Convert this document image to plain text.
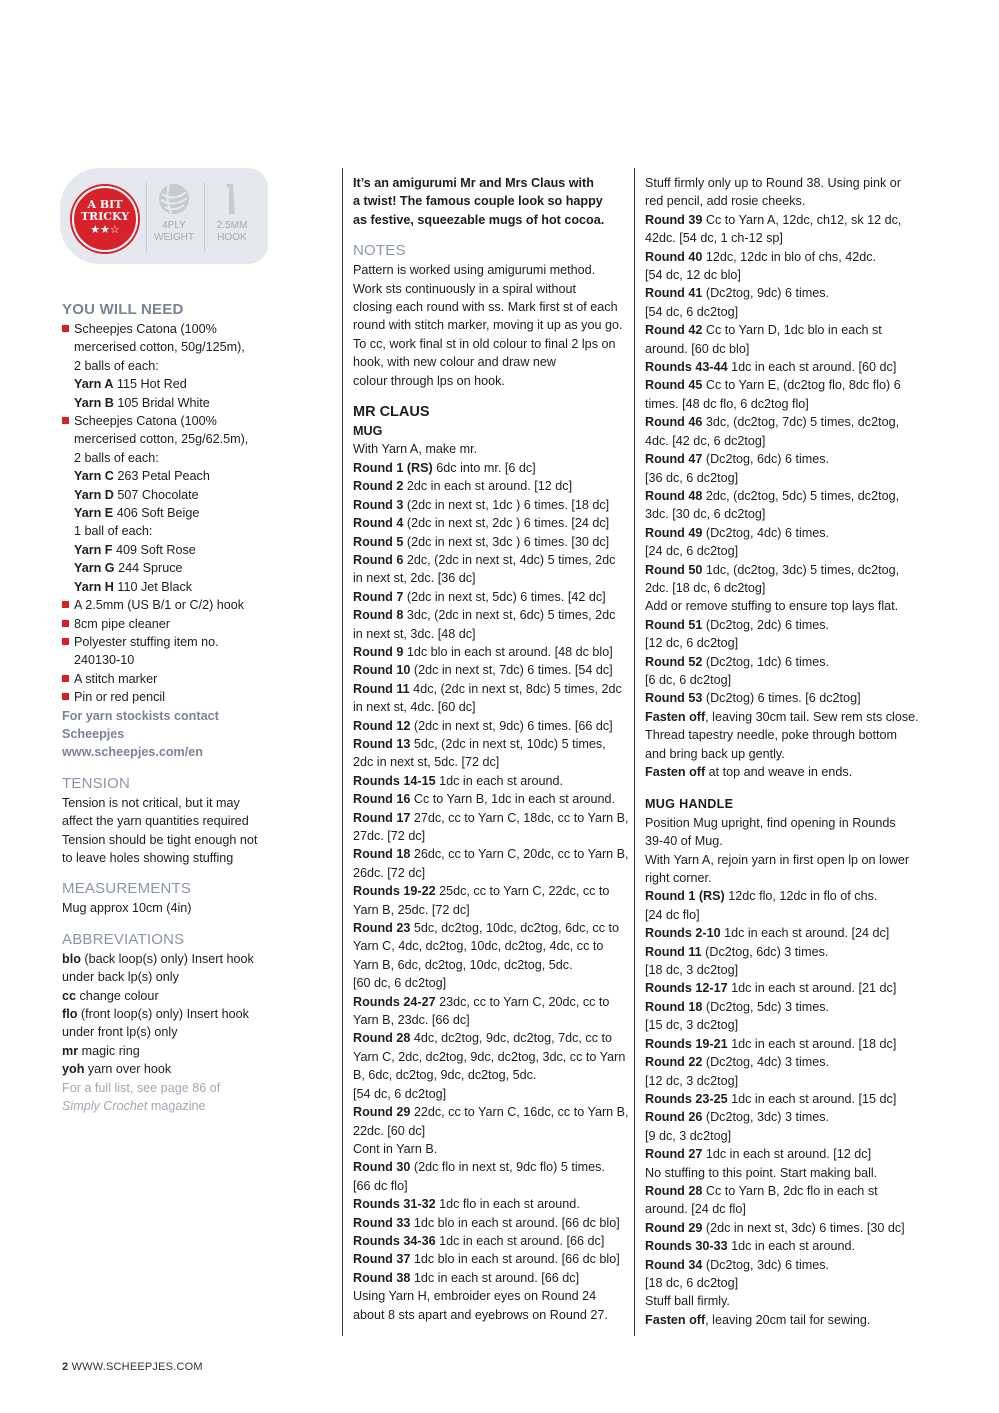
A BIT
TRICKY
★★☆	4PLY
WEIGHT
2.5MM
HOOK
YOU WILL NEED
Scheepjes Catona (100%
mercerised cotton, 50g/125m),
2 balls of each:
Yarn A 115 Hot Red
Yarn B 105 Bridal White
Scheepjes Catona (100%
mercerised cotton, 25g/62.5m),
2 balls of each:
Yarn C 263 Petal Peach
Yarn D 507 Chocolate
Yarn E 406 Soft Beige
1 ball of each:
Yarn F 409 Soft Rose
Yarn G 244 Spruce
Yarn H 110 Jet Black
A 2.5mm (US B/1 or C/2) hook
8cm pipe cleaner
Polyester stuffing item no.
240130-10
A stitch marker
Pin or red pencil
For yarn stockists contact
Scheepjes
www.scheepjes.com/en
TENSION
Tension is not critical, but it may
affect the yarn quantities required
Tension should be tight enough not
to leave holes showing stuffing
MEASUREMENTS
Mug approx 10cm (4in)
ABBREVIATIONS
blo (back loop(s) only) Insert hook
under back lp(s) only
cc change colour
flo (front loop(s) only) Insert hook
under front lp(s) only
mr magic ring
yoh yarn over hook
For a full list, see page 86 of
Simply Crochet magazine
It’s an amigurumi Mr and Mrs Claus with
a twist! The famous couple look so happy
as festive, squeezable mugs of hot cocoa.
NOTES
Pattern is worked using amigurumi method.
Work sts continuously in a spiral without
closing each round with ss. Mark first st of each
round with stitch marker, moving it up as you go.
To cc, work final st in old colour to final 2 lps on
hook, with new colour and draw new
colour through lps on hook.
MR CLAUS
MUG
With Yarn A, make mr.
Round 1 (RS) 6dc into mr. [6 dc]
Round 2 2dc in each st around. [12 dc]
Round 3 (2dc in next st, 1dc ) 6 times. [18 dc]
Round 4 (2dc in next st, 2dc ) 6 times. [24 dc]
Round 5 (2dc in next st, 3dc ) 6 times. [30 dc]
Round 6 2dc, (2dc in next st, 4dc) 5 times, 2dc
in next st, 2dc. [36 dc]
Round 7 (2dc in next st, 5dc) 6 times. [42 dc]
Round 8 3dc, (2dc in next st, 6dc) 5 times, 2dc
in next st, 3dc. [48 dc]
Round 9 1dc blo in each st around. [48 dc blo]
Round 10 (2dc in next st, 7dc) 6 times. [54 dc]
Round 11 4dc, (2dc in next st, 8dc) 5 times, 2dc
in next st, 4dc. [60 dc]
Round 12 (2dc in next st, 9dc) 6 times. [66 dc]
Round 13 5dc, (2dc in next st, 10dc) 5 times,
2dc in next st, 5dc. [72 dc]
Rounds 14-15 1dc in each st around.
Round 16 Cc to Yarn B, 1dc in each st around.
Round 17 27dc, cc to Yarn C, 18dc, cc to Yarn B,
27dc. [72 dc]
Round 18 26dc, cc to Yarn C, 20dc, cc to Yarn B,
26dc. [72 dc]
Rounds 19-22 25dc, cc to Yarn C, 22dc, cc to
Yarn B, 25dc. [72 dc]
Round 23 5dc, dc2tog, 10dc, dc2tog, 6dc, cc to
Yarn C, 4dc, dc2tog, 10dc, dc2tog, 4dc, cc to
Yarn B, 6dc, dc2tog, 10dc, dc2tog, 5dc.
[60 dc, 6 dc2tog]
Rounds 24-27 23dc, cc to Yarn C, 20dc, cc to
Yarn B, 23dc. [66 dc]
Round 28 4dc, dc2tog, 9dc, dc2tog, 7dc, cc to
Yarn C, 2dc, dc2tog, 9dc, dc2tog, 3dc, cc to Yarn
B, 6dc, dc2tog, 9dc, dc2tog, 5dc.
[54 dc, 6 dc2tog]
Round 29 22dc, cc to Yarn C, 16dc, cc to Yarn B,
22dc. [60 dc]
Cont in Yarn B.
Round 30 (2dc flo in next st, 9dc flo) 5 times.
[66 dc flo]
Rounds 31-32 1dc flo in each st around.
Round 33 1dc blo in each st around. [66 dc blo]
Rounds 34-36 1dc in each st around. [66 dc]
Round 37 1dc blo in each st around. [66 dc blo]
Round 38 1dc in each st around. [66 dc]
Using Yarn H, embroider eyes on Round 24
about 8 sts apart and eyebrows on Round 27.
Stuff firmly only up to Round 38. Using pink or
red pencil, add rosie cheeks.
Round 39 Cc to Yarn A, 12dc, ch12, sk 12 dc,
42dc. [54 dc, 1 ch-12 sp]
Round 40 12dc, 12dc in blo of chs, 42dc.
[54 dc, 12 dc blo]
Round 41 (Dc2tog, 9dc) 6 times.
[54 dc, 6 dc2tog]
Round 42 Cc to Yarn D, 1dc blo in each st
around. [60 dc blo]
Rounds 43-44 1dc in each st around. [60 dc]
Round 45 Cc to Yarn E, (dc2tog flo, 8dc flo) 6
times. [48 dc flo, 6 dc2tog flo]
Round 46 3dc, (dc2tog, 7dc) 5 times, dc2tog,
4dc. [42 dc, 6 dc2tog]
Round 47 (Dc2tog, 6dc) 6 times.
[36 dc, 6 dc2tog]
Round 48 2dc, (dc2tog, 5dc) 5 times, dc2tog,
3dc. [30 dc, 6 dc2tog]
Round 49 (Dc2tog, 4dc) 6 times.
[24 dc, 6 dc2tog]
Round 50 1dc, (dc2tog, 3dc) 5 times, dc2tog,
2dc. [18 dc, 6 dc2tog]
Add or remove stuffing to ensure top lays flat.
Round 51 (Dc2tog, 2dc) 6 times.
[12 dc, 6 dc2tog]
Round 52 (Dc2tog, 1dc) 6 times.
[6 dc, 6 dc2tog]
Round 53 (Dc2tog) 6 times. [6 dc2tog]
Fasten off, leaving 30cm tail. Sew rem sts close.
Thread tapestry needle, poke through bottom
and bring back up gently.
Fasten off at top and weave in ends.
MUG HANDLE
Position Mug upright, find opening in Rounds
39-40 of Mug.
With Yarn A, rejoin yarn in first open lp on lower
right corner.
Round 1 (RS) 12dc flo, 12dc in flo of chs.
[24 dc flo]
Rounds 2-10 1dc in each st around. [24 dc]
Round 11 (Dc2tog, 6dc) 3 times.
[18 dc, 3 dc2tog]
Rounds 12-17 1dc in each st around. [21 dc]
Round 18 (Dc2tog, 5dc) 3 times.
[15 dc, 3 dc2tog]
Rounds 19-21 1dc in each st around. [18 dc]
Round 22 (Dc2tog, 4dc) 3 times.
[12 dc, 3 dc2tog]
Rounds 23-25 1dc in each st around. [15 dc]
Round 26 (Dc2tog, 3dc) 3 times.
[9 dc, 3 dc2tog]
Round 27 1dc in each st around. [12 dc]
No stuffing to this point. Start making ball.
Round 28 Cc to Yarn B, 2dc flo in each st
around. [24 dc flo]
Round 29 (2dc in next st, 3dc) 6 times. [30 dc]
Rounds 30-33 1dc in each st around.
Round 34 (Dc2tog, 3dc) 6 times.
[18 dc, 6 dc2tog]
Stuff ball firmly.
Fasten off, leaving 20cm tail for sewing.
2 WWW.SCHEEPJES.COM
